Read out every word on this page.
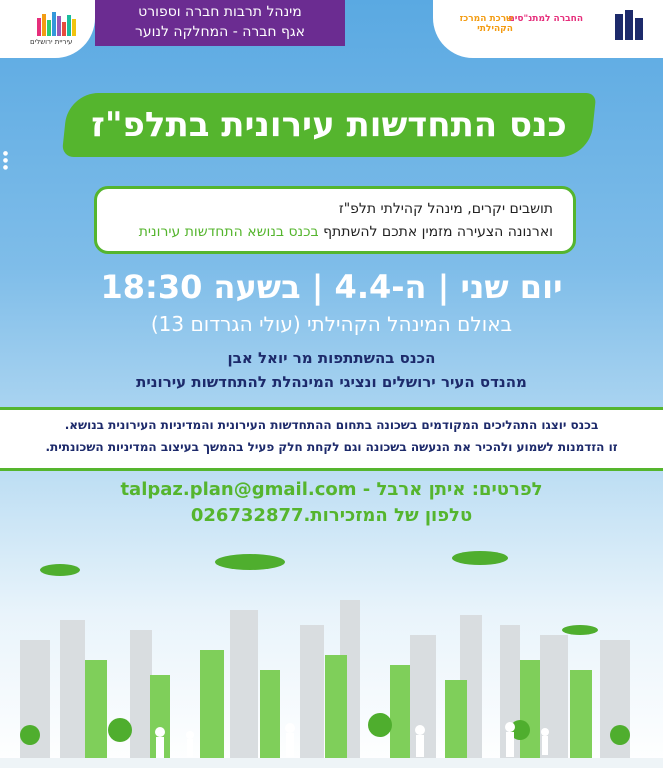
עיריית ירושלים
מינהל תרבות חברה וספורט
אגף חברה - המחלקה לנוער
החברה למתנ"סים
שרכת המרכז הקהילתי
●●●
כנס התחדשות עירונית בתלפ"ז
תושבים יקרים, מינהל קהילתי תלפ"ז
וארנונה הצעירה מזמין אתכם להשתתף בכנס בנושא התחדשות עירונית
יום שני | ה-4.4 | בשעה 18:30
באולם המינהל הקהילתי (עולי הגרדום 13)
הכנס בהשתתפות מר יואל אבן
מהנדס העיר ירושלים ונציגי המינהלת להתחדשות עירונית
בכנס יוצגו התהליכים המקודמים בשכונה בתחום ההתחדשות העירונית והמדיניות העירונית בנושא.
זו הזדמנות לשמוע ולהכיר את הנעשה בשכונה וגם לקחת חלק פעיל בהמשך בעיצוב המדיניות השכונתית.
לפרטים: איתן ארבל - talpaz.plan@gmail.com
טלפון של המזכירות.026732877
